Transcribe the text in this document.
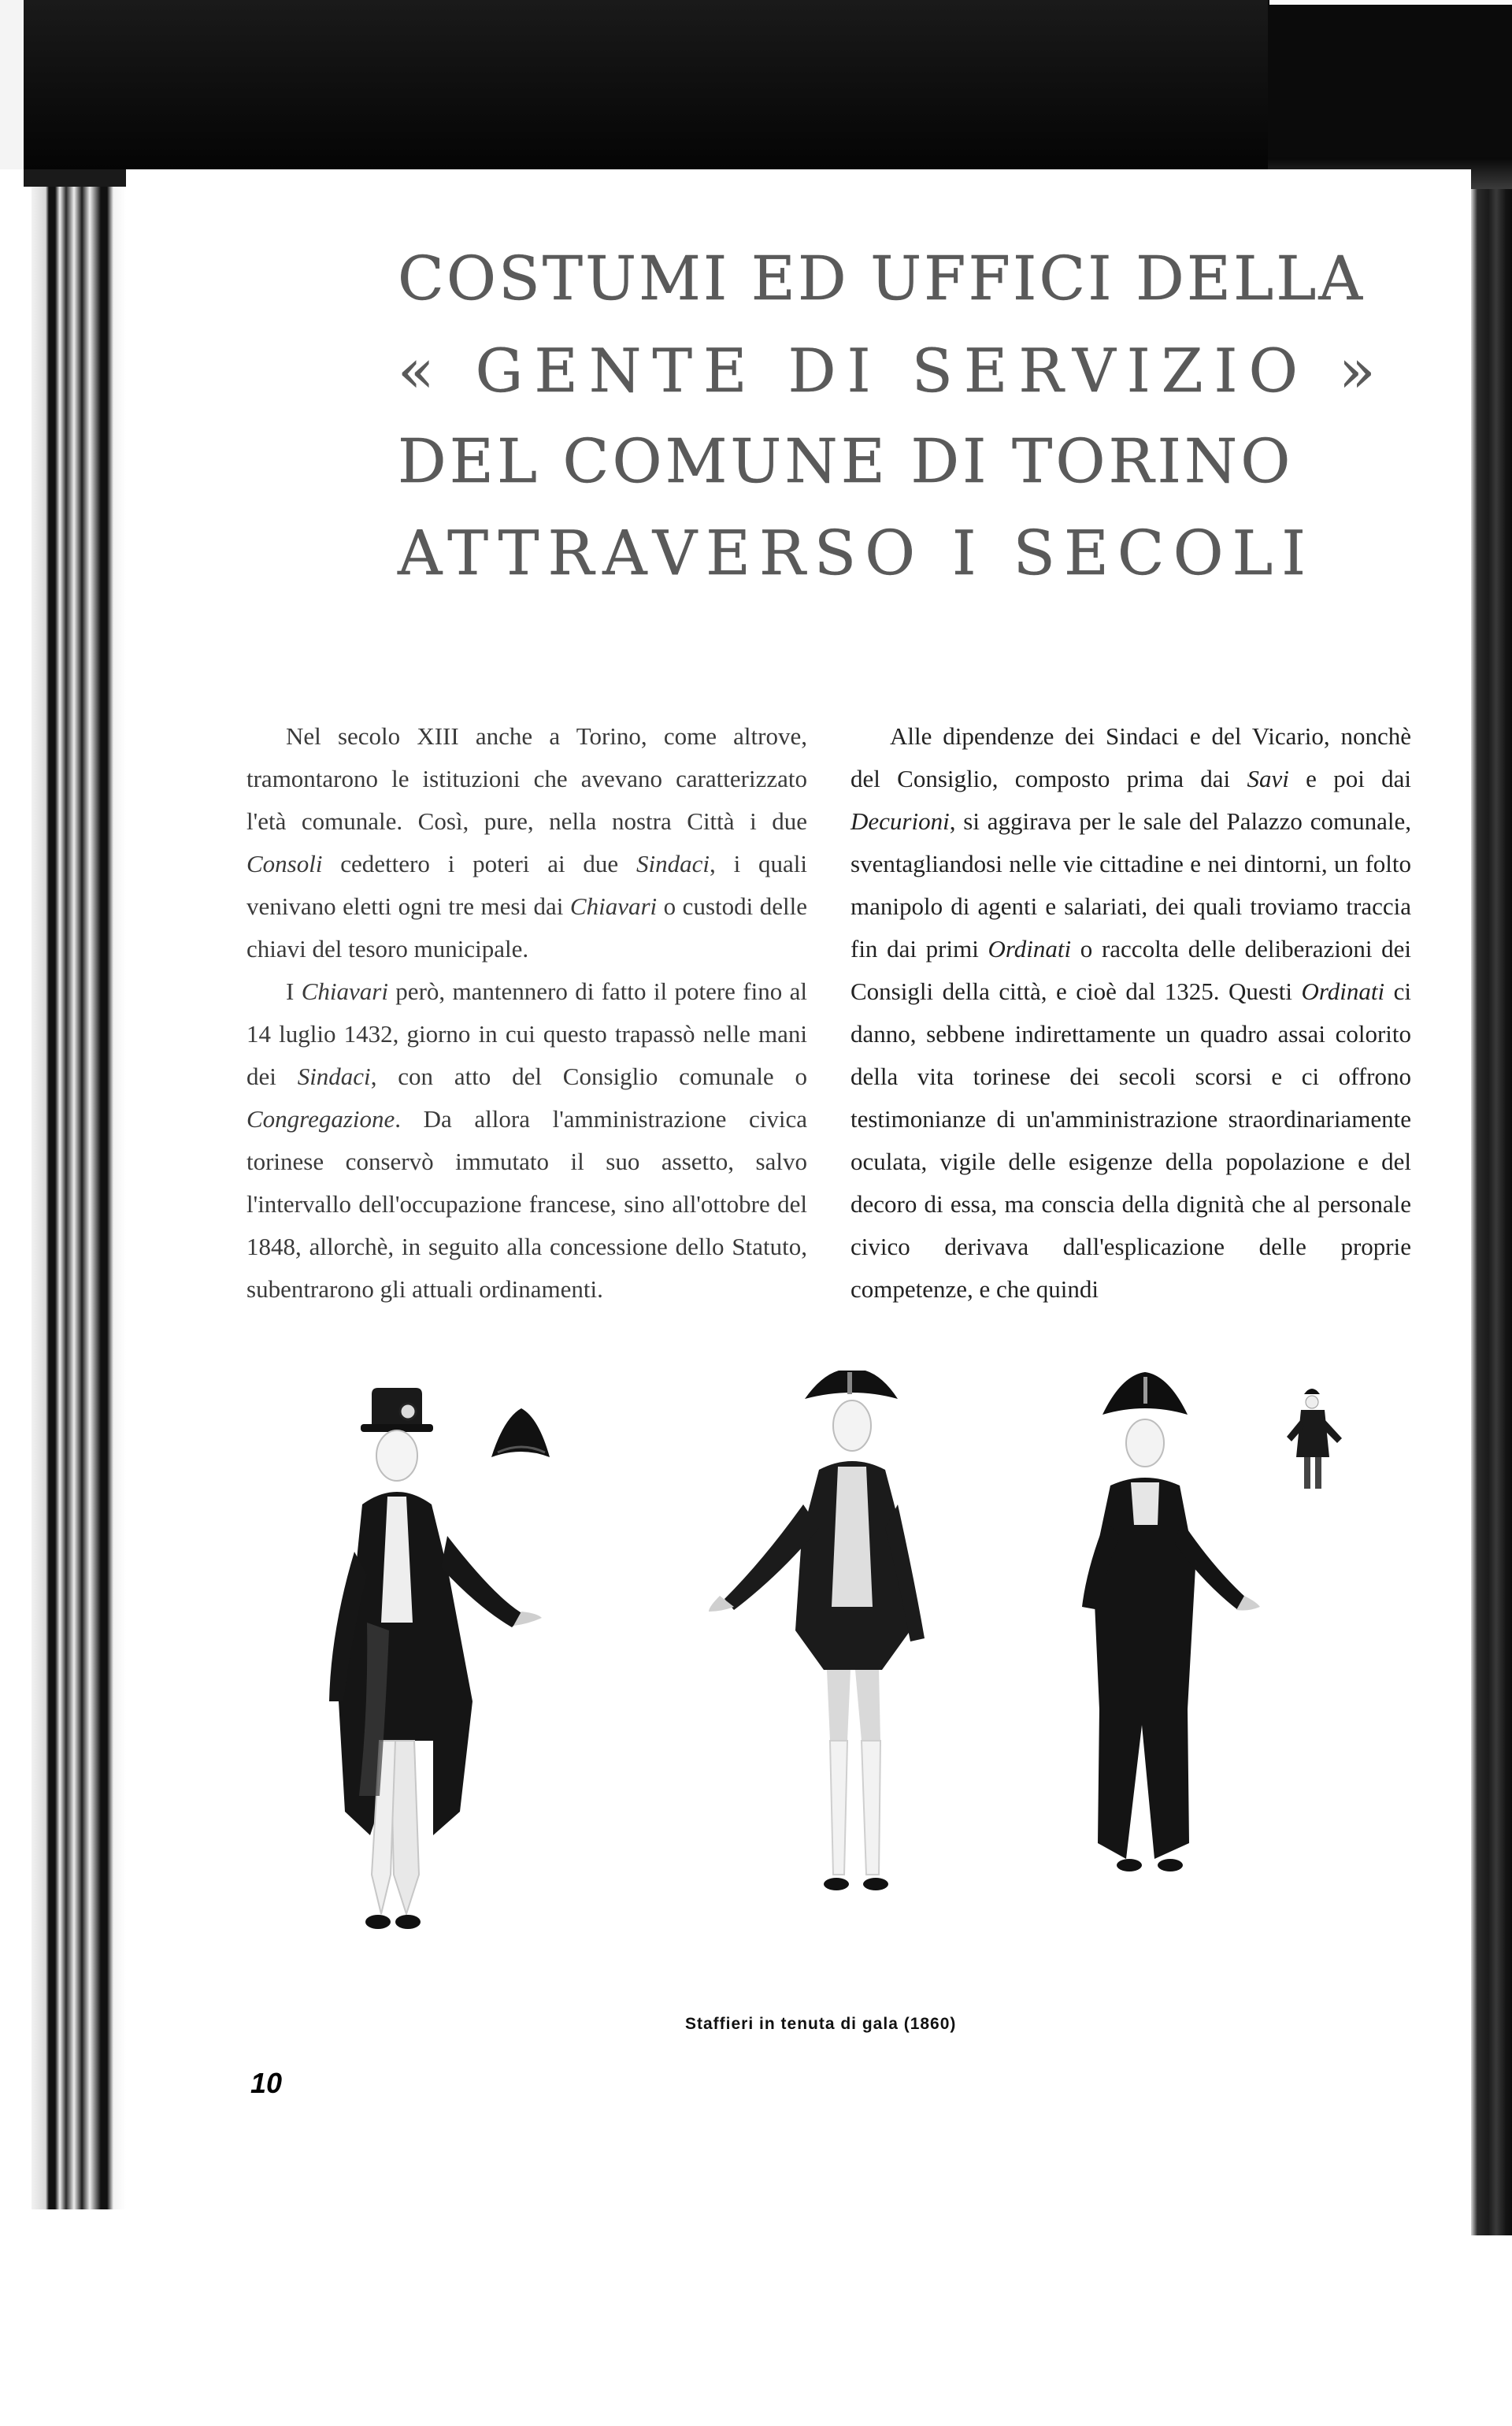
COSTUMI ED UFFICI DELLA
« GENTE DI SERVIZIO »
DEL COMUNE DI TORINO
ATTRAVERSO I SECOLI

Nel secolo XIII anche a Torino, come altrove, tramontarono le istituzioni che avevano caratterizzato l'età comunale. Così, pure, nella nostra Città i due Consoli cedettero i poteri ai due Sindaci, i quali venivano eletti ogni tre mesi dai Chiavari o custodi delle chiavi del tesoro municipale.

I Chiavari però, mantennero di fatto il potere fino al 14 luglio 1432, giorno in cui questo trapassò nelle mani dei Sindaci, con atto del Consiglio comunale o Congregazione. Da allora l'amministrazione civica torinese conservò immutato il suo assetto, salvo l'intervallo dell'occupazione francese, sino all'ottobre del 1848, allorchè, in seguito alla concessione dello Statuto, subentrarono gli attuali ordinamenti.

Alle dipendenze dei Sindaci e del Vicario, nonchè del Consiglio, composto prima dai Savi e poi dai Decurioni, si aggirava per le sale del Palazzo comunale, sventagliandosi nelle vie cittadine e nei dintorni, un folto manipolo di agenti e salariati, dei quali troviamo traccia fin dai primi Ordinati o raccolta delle deliberazioni dei Consigli della città, e cioè dal 1325. Questi Ordinati ci danno, sebbene indirettamente un quadro assai colorito della vita torinese dei secoli scorsi e ci offrono testimonianze di un'amministrazione straordinariamente oculata, vigile delle esigenze della popolazione e del decoro di essa, ma conscia della dignità che al personale civico derivava dall'esplicazione delle proprie competenze, e che quindi

Staffieri in tenuta di gala (1860)
10
